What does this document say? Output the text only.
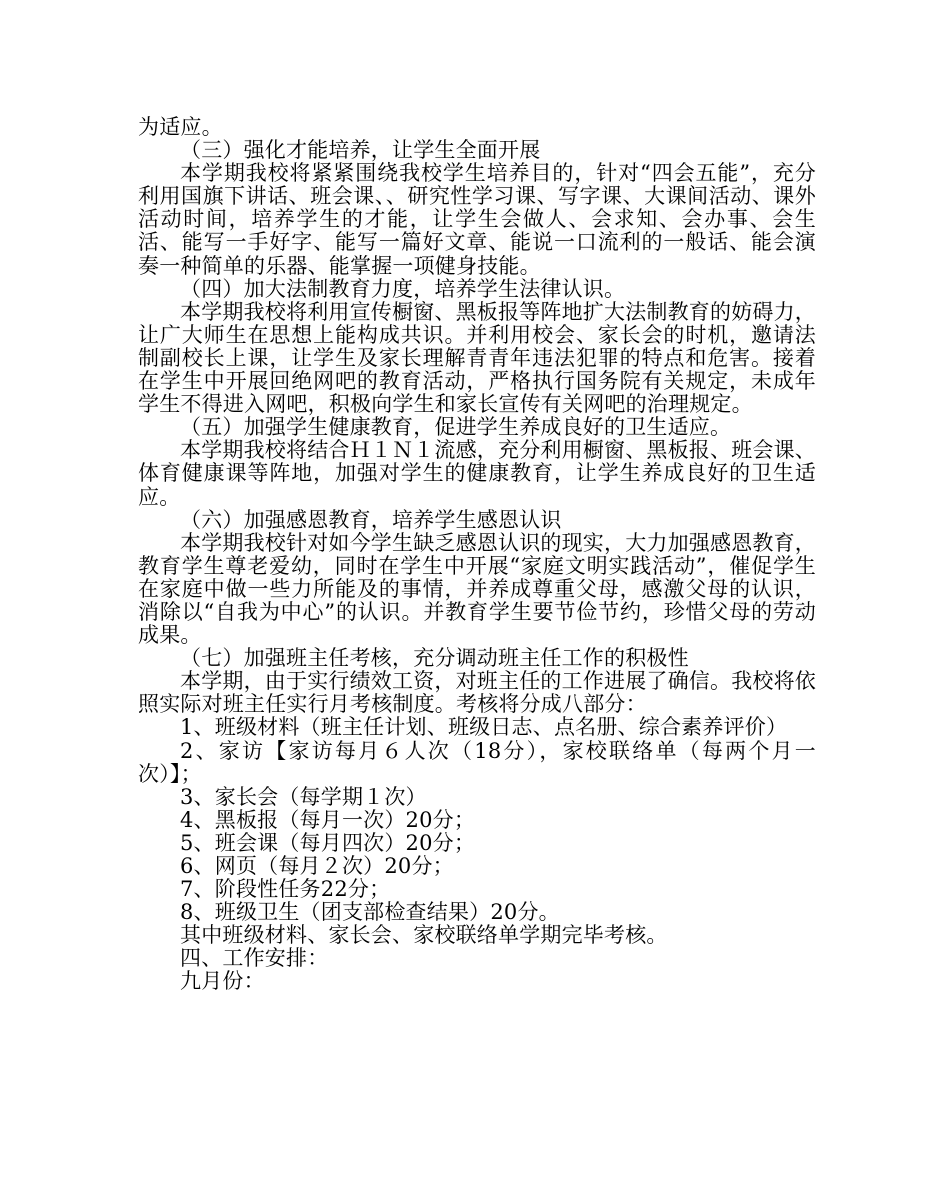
为适应。

（三）强化才能培养，让学生全面开展

本学期我校将紧紧围绕我校学生培养目的，针对“四会五能”，充分利用国旗下讲话、班会课、、研究性学习课、写字课、大课间活动、课外活动时间，培养学生的才能，让学生会做人、会求知、会办事、会生活、能写一手好字、能写一篇好文章、能说一口流利的一般话、能会演奏一种简单的乐器、能掌握一项健身技能。

（四）加大法制教育力度，培养学生法律认识。

本学期我校将利用宣传橱窗、黑板报等阵地扩大法制教育的妨碍力，让广大师生在思想上能构成共识。并利用校会、家长会的时机，邀请法制副校长上课，让学生及家长理解青青年违法犯罪的特点和危害。接着在学生中开展回绝网吧的教育活动，严格执行国务院有关规定，未成年学生不得进入网吧，积极向学生和家长宣传有关网吧的治理规定。

（五）加强学生健康教育，促进学生养成良好的卫生适应。

本学期我校将结合Ｈ１Ｎ１流感，充分利用橱窗、黑板报、班会课、体育健康课等阵地，加强对学生的健康教育，让学生养成良好的卫生适应。

（六）加强感恩教育，培养学生感恩认识

本学期我校针对如今学生缺乏感恩认识的现实，大力加强感恩教育，教育学生尊老爱幼，同时在学生中开展“家庭文明实践活动”，催促学生在家庭中做一些力所能及的事情，并养成尊重父母，感激父母的认识，消除以“自我为中心”的认识。并教育学生要节俭节约，珍惜父母的劳动成果。

（七）加强班主任考核，充分调动班主任工作的积极性

本学期，由于实行绩效工资，对班主任的工作进展了确信。我校将依照实际对班主任实行月考核制度。考核将分成八部分：

1、班级材料（班主任计划、班级日志、点名册、综合素养评价）

2、家访【家访每月６人次（18分），家校联络单（每两个月一次）】；

3、家长会（每学期１次）

4、黑板报（每月一次）20分；

5、班会课（每月四次）20分；

6、网页（每月２次）20分；

7、阶段性任务22分；

8、班级卫生（团支部检查结果）20分。

其中班级材料、家长会、家校联络单学期完毕考核。

四、工作安排：

九月份：
